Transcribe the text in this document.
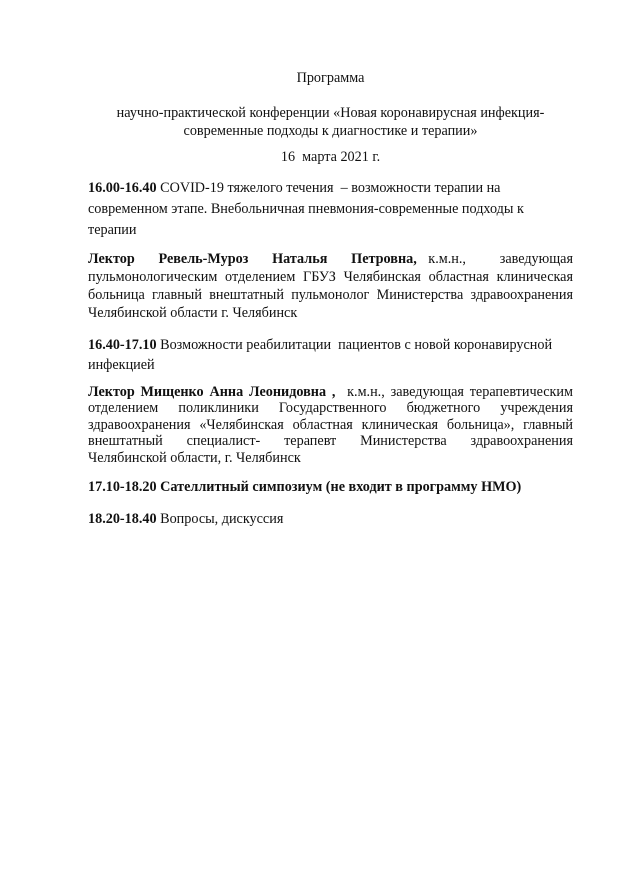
Программа
научно-практической конференции «Новая коронавирусная инфекция-
современные подходы к диагностике и терапии»
16  марта 2021 г.
16.00-16.40 COVID-19 тяжелого течения  – возможности терапии на
современном этапе. Внебольничная пневмония-современные подходы к
терапии
Лектор Ревель-Муроз Наталья Петровна, к.м.н., заведующая
пульмонологическим отделением ГБУЗ Челябинская областная клиническая
больница главный внештатный пульмонолог Министерства здравоохранения
Челябинской области г. Челябинск
16.40-17.10 Возможности реабилитации  пациентов с новой коронавирусной
инфекцией
Лектор Мищенко Анна Леонидовна , к.м.н., заведующая терапевтическим
отделением поликлиники Государственного бюджетного учреждения
здравоохранения «Челябинская областная клиническая больница», главный
внештатный специалист- терапевт Министерства здравоохранения
Челябинской области, г. Челябинск
17.10-18.20 Сателлитный симпозиум (не входит в программу НМО)
18.20-18.40 Вопросы, дискуссия
